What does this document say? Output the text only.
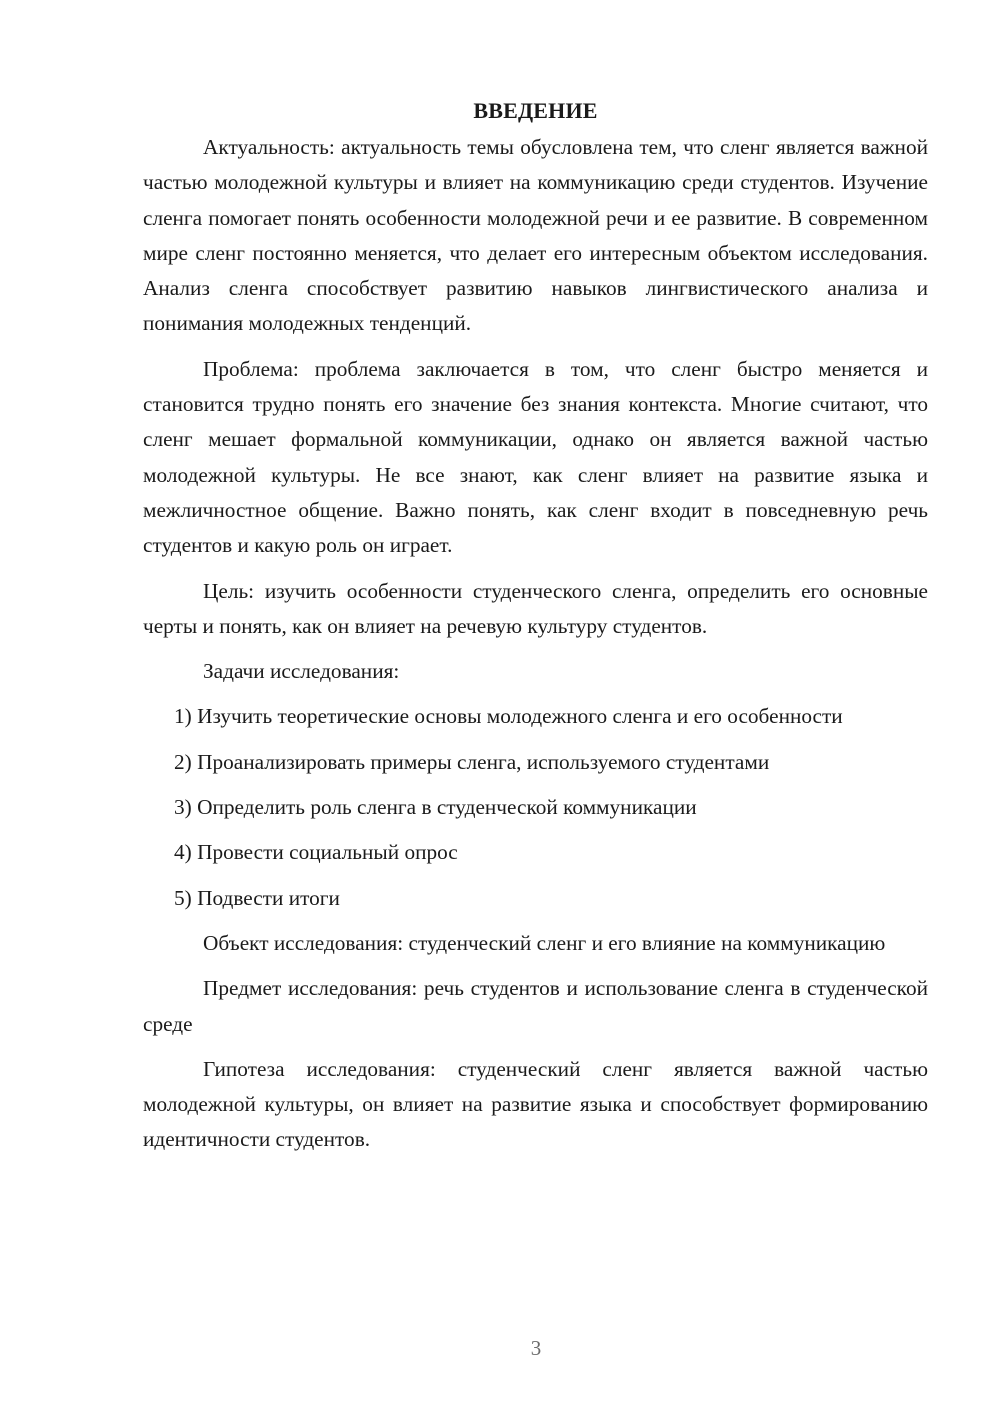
ВВЕДЕНИЕ

Актуальность: актуальность темы обусловлена тем, что сленг является важной частью молодежной культуры и влияет на коммуникацию среди студентов. Изучение сленга помогает понять особенности молодежной речи и ее развитие. В современном мире сленг постоянно меняется, что делает его интересным объектом исследования. Анализ сленга способствует развитию навыков лингвистического анализа и понимания молодежных тенденций.

Проблема: проблема заключается в том, что сленг быстро меняется и становится трудно понять его значение без знания контекста. Многие считают, что сленг мешает формальной коммуникации, однако он является важной частью молодежной культуры. Не все знают, как сленг влияет на развитие языка и межличностное общение. Важно понять, как сленг входит в повседневную речь студентов и какую роль он играет.

Цель: изучить особенности студенческого сленга, определить его основные черты и понять, как он влияет на речевую культуру студентов.

Задачи исследования:

1) Изучить теоретические основы молодежного сленга и его особенности

2) Проанализировать примеры сленга, используемого студентами

3) Определить роль сленга в студенческой коммуникации

4) Провести социальный опрос

5) Подвести итоги

Объект исследования: студенческий сленг и его влияние на коммуникацию

Предмет исследования: речь студентов и использование сленга в студенческой среде

Гипотеза исследования: студенческий сленг является важной частью молодежной культуры, он влияет на развитие языка и способствует формированию идентичности студентов.

3
